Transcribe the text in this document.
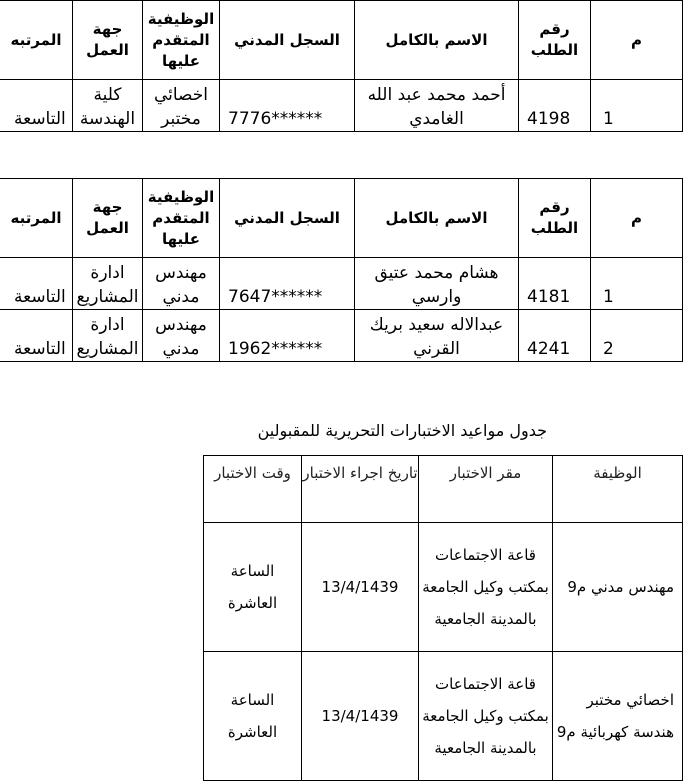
م	رقم الطلب	الاسم بالكامل	السجل المدني	الوظيفية المتقدم عليها	جهة العمل	المرتبه
1	4198	أحمد محمد عبد الله الغامدي	******7776	اخصائي مختبر	كلية الهندسة	التاسعة
م	رقم الطلب	الاسم بالكامل	السجل المدني	الوظيفية المتقدم عليها	جهة العمل	المرتبه
1	4181	هشام محمد عتيق وارسي	******7647	مهندس مدني	ادارة المشاريع	التاسعة
2	4241	عبدالاله سعيد بريك القرني	******1962	مهندس مدني	ادارة المشاريع	التاسعة
جدول مواعيد الاختبارات التحريرية للمقبولين
الوظيفة	مقر الاختبار	تاريخ اجراء الاختبار	وقت الاختبار
مهندس مدني م9	قاعة الاجتماعات بمكتب وكيل الجامعة بالمدينة الجامعية	13/4/1439	الساعة العاشرة
اخصائي مختبر هندسة كهربائية م9	قاعة الاجتماعات بمكتب وكيل الجامعة بالمدينة الجامعية	13/4/1439	الساعة العاشرة
